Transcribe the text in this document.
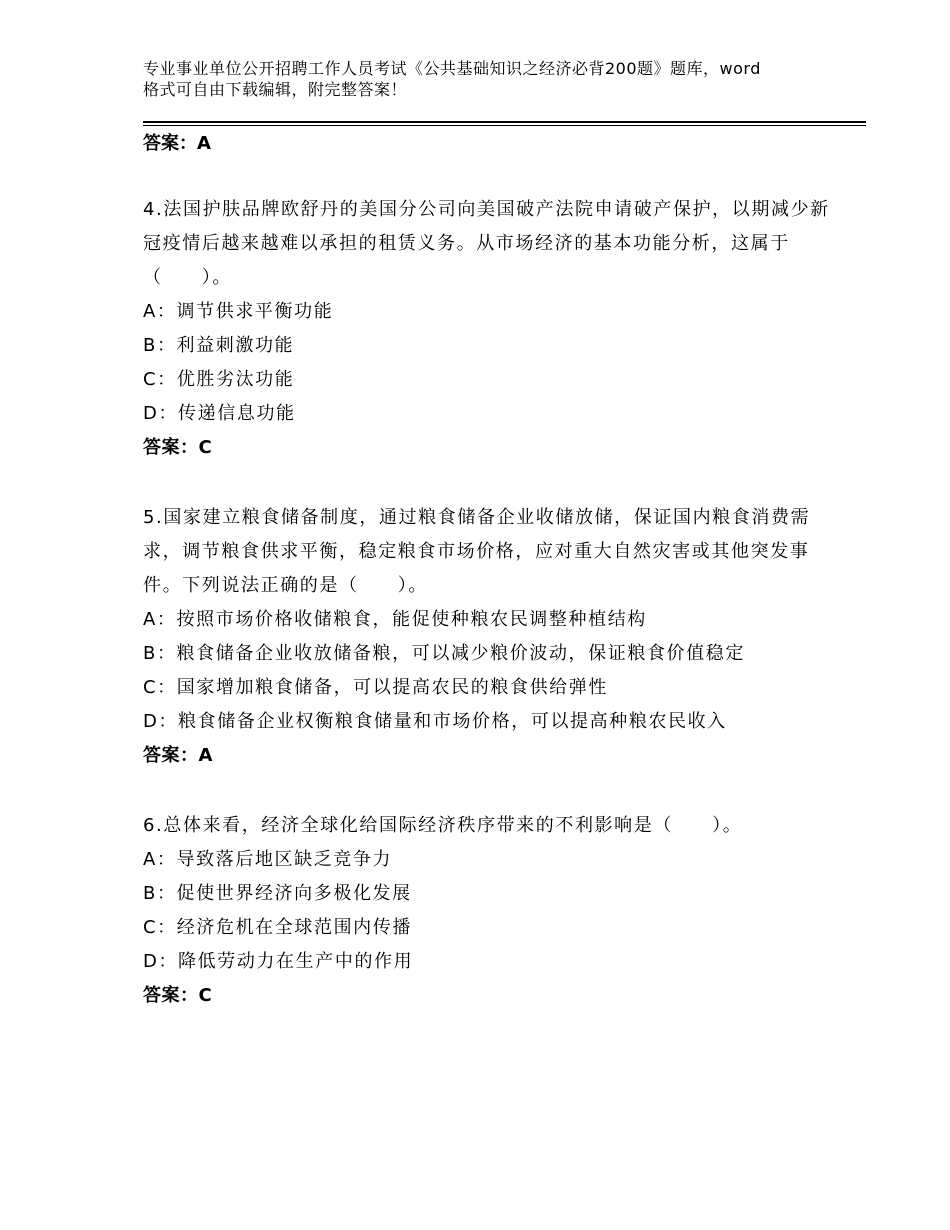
专业事业单位公开招聘工作人员考试《公共基础知识之经济必背200题》题库，word格式可自由下载编辑，附完整答案！
答案：A
4.法国护肤品牌欧舒丹的美国分公司向美国破产法院申请破产保护，以期减少新冠疫情后越来越难以承担的租赁义务。从市场经济的基本功能分析，这属于（　　）。
A：调节供求平衡功能
B：利益刺激功能
C：优胜劣汰功能
D：传递信息功能
答案：C
5.国家建立粮食储备制度，通过粮食储备企业收储放储，保证国内粮食消费需求，调节粮食供求平衡，稳定粮食市场价格，应对重大自然灾害或其他突发事件。下列说法正确的是（　　）。
A：按照市场价格收储粮食，能促使种粮农民调整种植结构
B：粮食储备企业收放储备粮，可以减少粮价波动，保证粮食价值稳定
C：国家增加粮食储备，可以提高农民的粮食供给弹性
D：粮食储备企业权衡粮食储量和市场价格，可以提高种粮农民收入
答案：A
6.总体来看，经济全球化给国际经济秩序带来的不利影响是（　　）。
A：导致落后地区缺乏竞争力
B：促使世界经济向多极化发展
C：经济危机在全球范围内传播
D：降低劳动力在生产中的作用
答案：C
